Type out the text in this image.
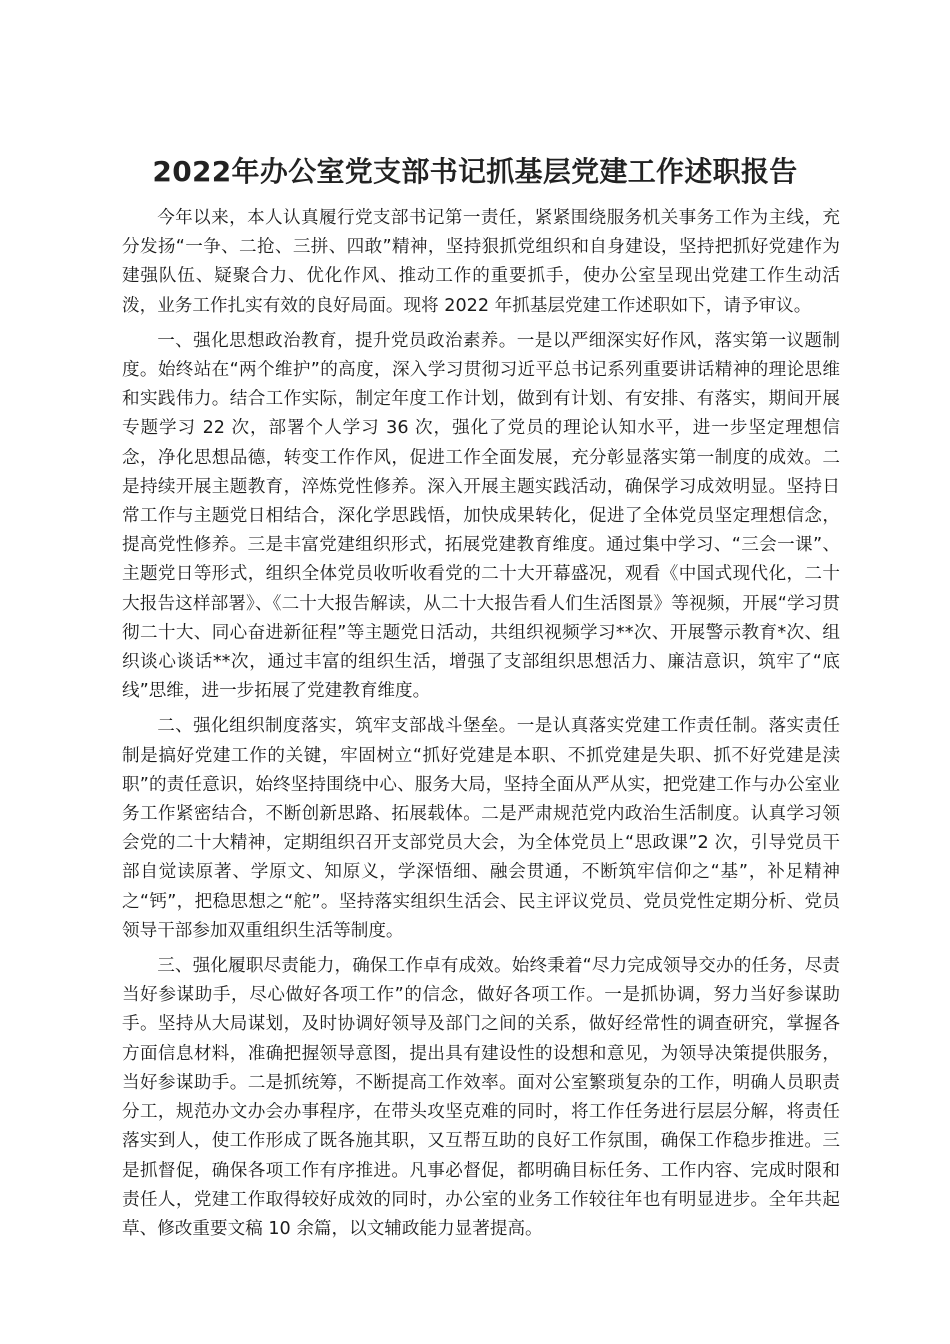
2022年办公室党支部书记抓基层党建工作述职报告

今年以来，本人认真履行党支部书记第一责任，紧紧围绕服务机关事务工作为主线，充分发扬“一争、二抢、三拼、四敢”精神，坚持狠抓党组织和自身建设，坚持把抓好党建作为建强队伍、疑聚合力、优化作风、推动工作的重要抓手，使办公室呈现出党建工作生动活泼，业务工作扎实有效的良好局面。现将 2022 年抓基层党建工作述职如下，请予审议。

一、强化思想政治教育，提升党员政治素养。一是以严细深实好作风，落实第一议题制度。始终站在“两个维护”的高度，深入学习贯彻习近平总书记系列重要讲话精神的理论思维和实践伟力。结合工作实际，制定年度工作计划，做到有计划、有安排、有落实，期间开展专题学习 22 次，部署个人学习 36 次，强化了党员的理论认知水平，进一步坚定理想信念，净化思想品德，转变工作作风，促进工作全面发展，充分彰显落实第一制度的成效。二是持续开展主题教育，淬炼党性修养。深入开展主题实践活动，确保学习成效明显。坚持日常工作与主题党日相结合，深化学思践悟，加快成果转化，促进了全体党员坚定理想信念，提高党性修养。三是丰富党建组织形式，拓展党建教育维度。通过集中学习、“三会一课”、主题党日等形式，组织全体党员收听收看党的二十大开幕盛况，观看《中国式现代化，二十大报告这样部署》、《二十大报告解读，从二十大报告看人们生活图景》等视频，开展“学习贯彻二十大、同心奋进新征程”等主题党日活动，共组织视频学习**次、开展警示教育*次、组织谈心谈话**次，通过丰富的组织生活，增强了支部组织思想活力、廉洁意识，筑牢了“底线”思维，进一步拓展了党建教育维度。

二、强化组织制度落实，筑牢支部战斗堡垒。一是认真落实党建工作责任制。落实责任制是搞好党建工作的关键，牢固树立“抓好党建是本职、不抓党建是失职、抓不好党建是渎职”的责任意识，始终坚持围绕中心、服务大局，坚持全面从严从实，把党建工作与办公室业务工作紧密结合，不断创新思路、拓展载体。二是严肃规范党内政治生活制度。认真学习领会党的二十大精神，定期组织召开支部党员大会，为全体党员上“思政课”2 次，引导党员干部自觉读原著、学原文、知原义，学深悟细、融会贯通，不断筑牢信仰之“基”，补足精神之“钙”，把稳思想之“舵”。坚持落实组织生活会、民主评议党员、党员党性定期分析、党员领导干部参加双重组织生活等制度。

三、强化履职尽责能力，确保工作卓有成效。始终秉着“尽力完成领导交办的任务，尽责当好参谋助手，尽心做好各项工作”的信念，做好各项工作。一是抓协调，努力当好参谋助手。坚持从大局谋划，及时协调好领导及部门之间的关系，做好经常性的调查研究，掌握各方面信息材料，准确把握领导意图，提出具有建设性的设想和意见，为领导决策提供服务，当好参谋助手。二是抓统筹，不断提高工作效率。面对公室繁琐复杂的工作，明确人员职责分工，规范办文办会办事程序，在带头攻坚克难的同时，将工作任务进行层层分解，将责任落实到人，使工作形成了既各施其职，又互帮互助的良好工作氛围，确保工作稳步推进。三是抓督促，确保各项工作有序推进。凡事必督促，都明确目标任务、工作内容、完成时限和责任人，党建工作取得较好成效的同时，办公室的业务工作较往年也有明显进步。全年共起草、修改重要文稿 10 余篇，以文辅政能力显著提高。
